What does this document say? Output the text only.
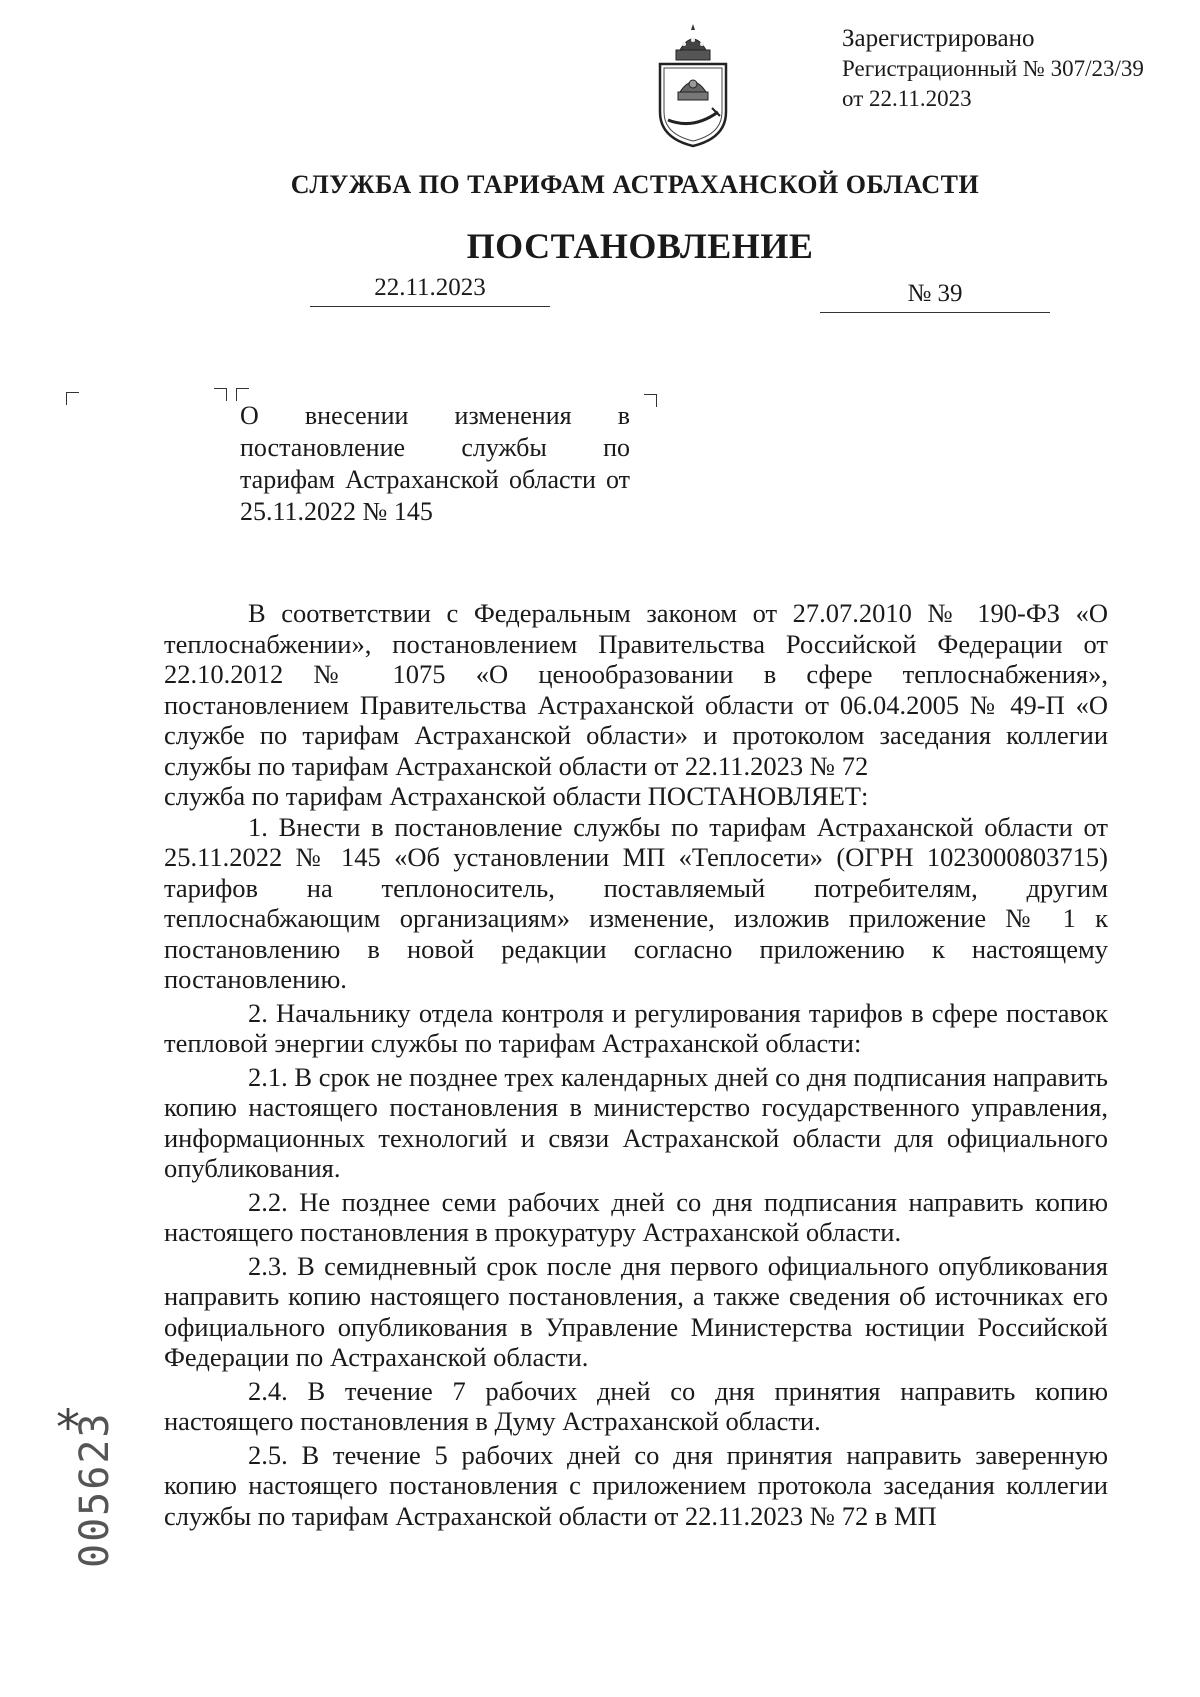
Зарегистрировано
Регистрационный № 307/23/39
от 22.11.2023
СЛУЖБА ПО ТАРИФАМ АСТРАХАНСКОЙ ОБЛАСТИ
ПОСТАНОВЛЕНИЕ
22.11.2023	№ 39
О внесении изменения в постановление службы по тарифам Астраханской области от 25.11.2022 № 145

В соответствии с Федеральным законом от 27.07.2010 № 190-ФЗ «О теплоснабжении», постановлением Правительства Российской Федерации от 22.10.2012 № 1075 «О ценообразовании в сфере теплоснабжения», постановлением Правительства Астраханской области от 06.04.2005 № 49-П «О службе по тарифам Астраханской области» и протоколом заседания коллегии службы по тарифам Астраханской области от 22.11.2023 № 72

служба по тарифам Астраханской области ПОСТАНОВЛЯЕТ:

1. Внести в постановление службы по тарифам Астраханской области от 25.11.2022 № 145 «Об установлении МП «Теплосети» (ОГРН 1023000803715) тарифов на теплоноситель, поставляемый потребителям, другим теплоснабжающим организациям» изменение, изложив приложение № 1 к постановлению в новой редакции согласно приложению к настоящему постановлению.

2. Начальнику отдела контроля и регулирования тарифов в сфере поставок тепловой энергии службы по тарифам Астраханской области:

2.1. В срок не позднее трех календарных дней со дня подписания направить копию настоящего постановления в министерство государственного управления, информационных технологий и связи Астраханской области для официального опубликования.

2.2. Не позднее семи рабочих дней со дня подписания направить копию настоящего постановления в прокуратуру Астраханской области.

2.3. В семидневный срок после дня первого официального опубликования направить копию настоящего постановления, а также сведения об источниках его официального опубликования в Управление Министерства юстиции Российской Федерации по Астраханской области.

2.4. В течение 7 рабочих дней со дня принятия направить копию настоящего постановления в Думу Астраханской области.

2.5. В течение 5 рабочих дней со дня принятия направить заверенную копию настоящего постановления с приложением протокола заседания коллегии службы по тарифам Астраханской области от 22.11.2023 № 72 в МП

*
005623
